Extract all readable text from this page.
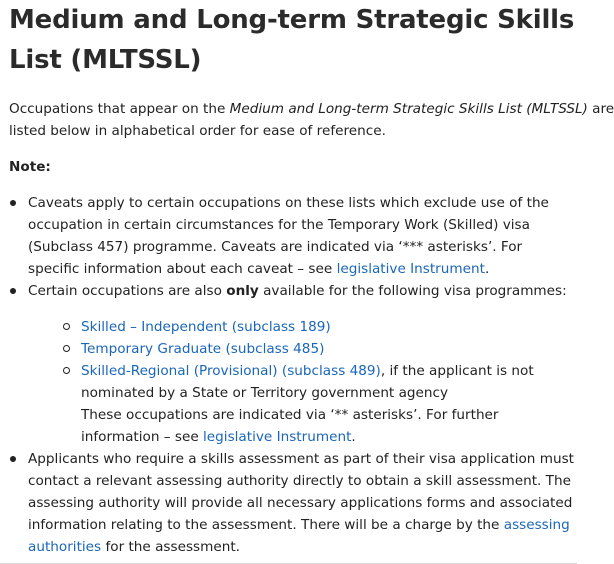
Medium and Long-term Strategic Skills List (MLTSSL)

Occupations that appear on the Medium and Long-term Strategic Skills List (MLTSSL) are

listed below in alphabetical order for ease of reference.

Note:

Caveats apply to certain occupations on these lists which exclude use of the occupation in certain circumstances for the Temporary Work (Skilled) visa (Subclass 457) programme. Caveats are indicated via ‘*** asterisks’. For specific information about each caveat – see legislative Instrument.
Certain occupations are also only available for the following visa programmes:
Skilled – Independent (subclass 189)
Temporary Graduate (subclass 485)
Skilled-Regional (Provisional) (subclass 489), if the applicant is not nominated by a State or Territory government agency
These occupations are indicated via ‘** asterisks’. For further information – see legislative Instrument.
Applicants who require a skills assessment as part of their visa application must contact a relevant assessing authority directly to obtain a skill assessment. The assessing authority will provide all necessary applications forms and associated information relating to the assessment. There will be a charge by the assessing authorities for the assessment.
